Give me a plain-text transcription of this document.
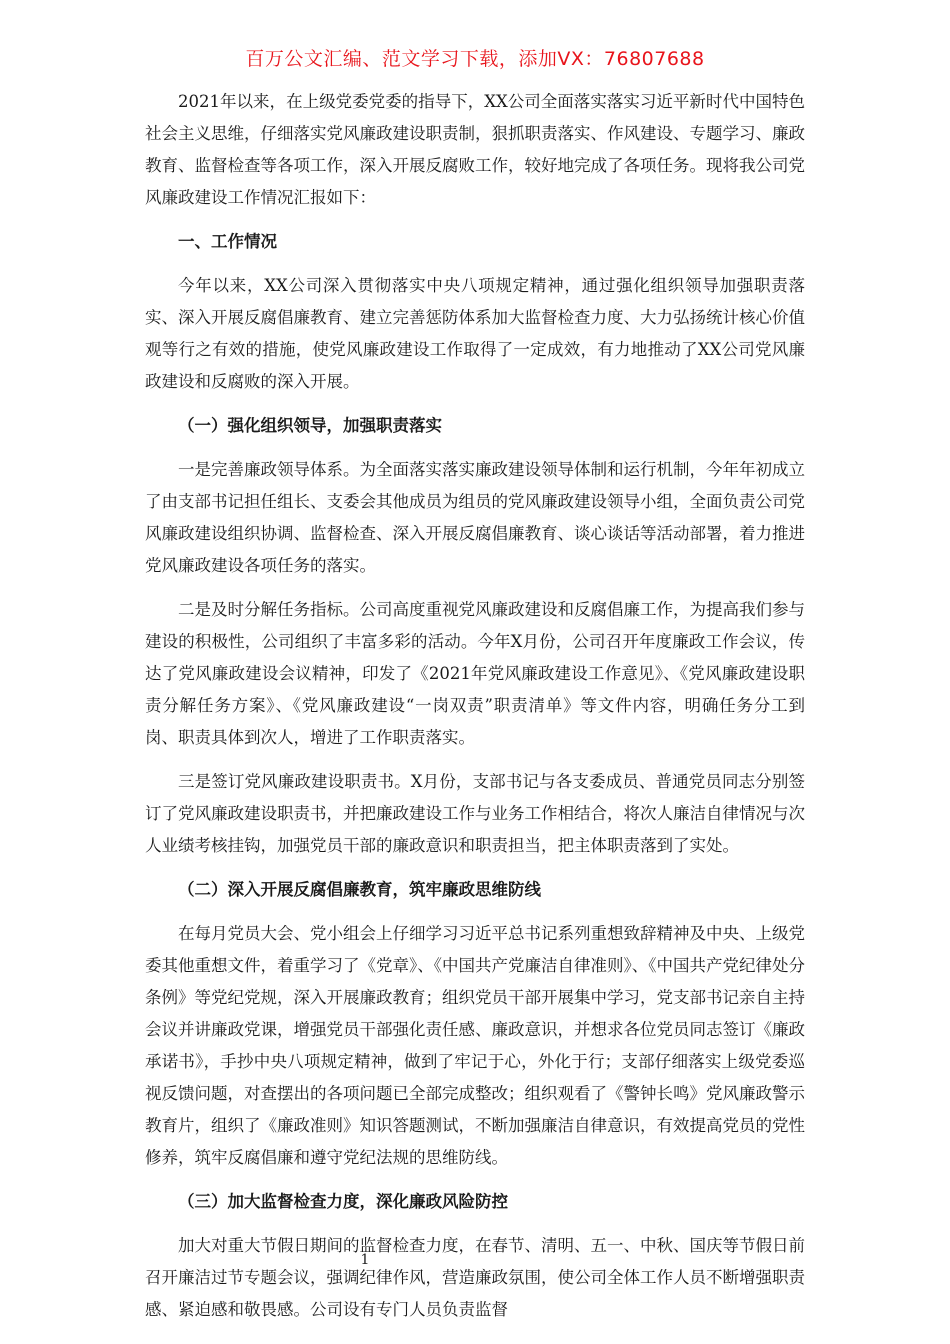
百万公文汇编、范文学习下载，添加VX：76807688

2021年以来，在上级党委党委的指导下，XX公司全面落实落实习近平新时代中国特色社会主义思维，仔细落实党风廉政建设职责制，狠抓职责落实、作风建设、专题学习、廉政教育、监督检查等各项工作，深入开展反腐败工作，较好地完成了各项任务。现将我公司党风廉政建设工作情况汇报如下：

一、工作情况

今年以来，XX公司深入贯彻落实中央八项规定精神，通过强化组织领导加强职责落实、深入开展反腐倡廉教育、建立完善惩防体系加大监督检查力度、大力弘扬统计核心价值观等行之有效的措施，使党风廉政建设工作取得了一定成效，有力地推动了XX公司党风廉政建设和反腐败的深入开展。

（一）强化组织领导，加强职责落实

一是完善廉政领导体系。为全面落实落实廉政建设领导体制和运行机制，今年年初成立了由支部书记担任组长、支委会其他成员为组员的党风廉政建设领导小组，全面负责公司党风廉政建设组织协调、监督检查、深入开展反腐倡廉教育、谈心谈话等活动部署，着力推进党风廉政建设各项任务的落实。

二是及时分解任务指标。公司高度重视党风廉政建设和反腐倡廉工作，为提高我们参与建设的积极性，公司组织了丰富多彩的活动。今年X月份，公司召开年度廉政工作会议，传达了党风廉政建设会议精神，印发了《2021年党风廉政建设工作意见》、《党风廉政建设职责分解任务方案》、《党风廉政建设“一岗双责”职责清单》等文件内容，明确任务分工到岗、职责具体到次人，增进了工作职责落实。

三是签订党风廉政建设职责书。X月份，支部书记与各支委成员、普通党员同志分别签订了党风廉政建设职责书，并把廉政建设工作与业务工作相结合，将次人廉洁自律情况与次人业绩考核挂钩，加强党员干部的廉政意识和职责担当，把主体职责落到了实处。

（二）深入开展反腐倡廉教育，筑牢廉政思维防线

在每月党员大会、党小组会上仔细学习习近平总书记系列重想致辞精神及中央、上级党委其他重想文件，着重学习了《党章》、《中国共产党廉洁自律准则》、《中国共产党纪律处分条例》等党纪党规，深入开展廉政教育；组织党员干部开展集中学习，党支部书记亲自主持会议并讲廉政党课，增强党员干部强化责任感、廉政意识，并想求各位党员同志签订《廉政承诺书》，手抄中央八项规定精神，做到了牢记于心，外化于行；支部仔细落实上级党委巡视反馈问题，对查摆出的各项问题已全部完成整改；组织观看了《警钟长鸣》党风廉政警示教育片，组织了《廉政准则》知识答题测试，不断加强廉洁自律意识，有效提高党员的党性修养，筑牢反腐倡廉和遵守党纪法规的思维防线。

（三）加大监督检查力度，深化廉政风险防控

加大对重大节假日期间的监督检查力度，在春节、清明、五一、中秋、国庆等节假日前召开廉洁过节专题会议，强调纪律作风，营造廉政氛围，使公司全体工作人员不断增强职责感、紧迫感和敬畏感。公司设有专门人员负责监督

1
